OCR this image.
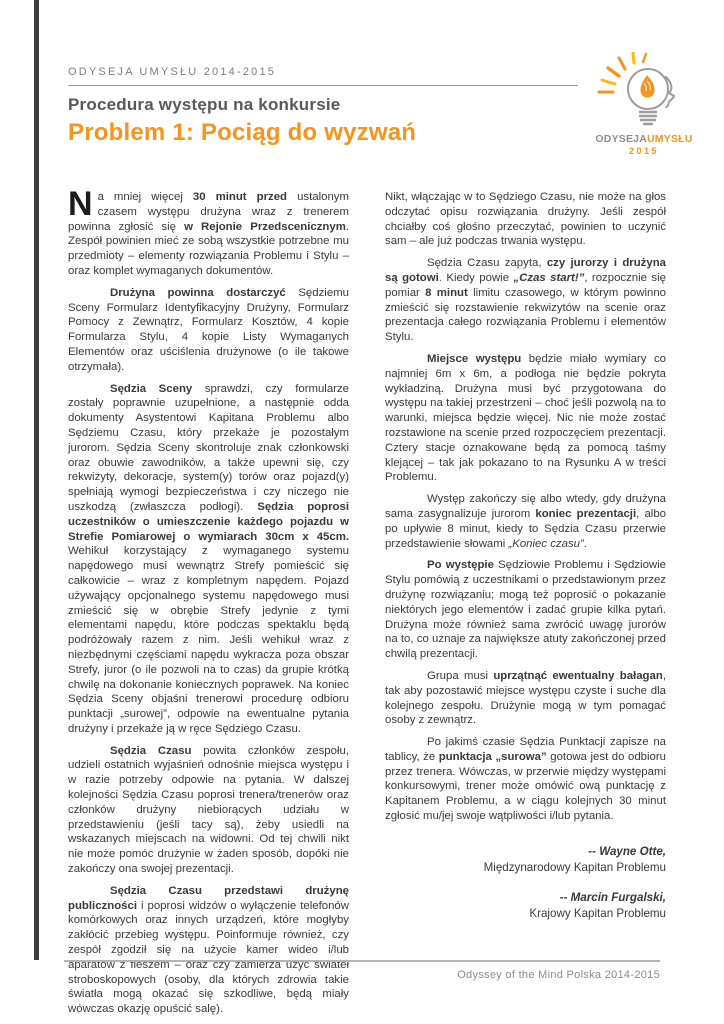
ODYSEJA UMYSŁU 2014-2015
Procedura występu na konkursie
Problem 1: Pociąg do wyzwań	ODYSEJAUMYSŁU
2015

Na mniej więcej 30 minut przed ustalonym czasem występu drużyna wraz z trenerem powinna zgłosić się w Rejonie Przedscenicznym. Zespół powinien mieć ze sobą wszystkie potrzebne mu przedmioty – elementy rozwiązania Problemu i Stylu – oraz komplet wymaganych dokumentów.

Drużyna powinna dostarczyć Sędziemu Sceny Formularz Identyfikacyjny Drużyny, Formularz Pomocy z Zewnątrz, Formularz Kosztów, 4 kopie Formularza Stylu, 4 kopie Listy Wymaganych Elementów oraz uściślenia drużynowe (o ile takowe otrzymała).

Sędzia Sceny sprawdzi, czy formularze zostały poprawnie uzupełnione, a następnie odda dokumenty Asystentowi Kapitana Problemu albo Sędziemu Czasu, który przekaże je pozostałym jurorom. Sędzia Sceny skontroluje znak członkowski oraz obuwie zawodników, a także upewni się, czy rekwizyty, dekoracje, system(y) torów oraz pojazd(y) spełniają wymogi bezpieczeństwa i czy niczego nie uszkodzą (zwłaszcza podłogi). Sędzia poprosi uczestników o umieszczenie każdego pojazdu w Strefie Pomiarowej o wymiarach 30cm x 45cm. Wehikuł korzystający z wymaganego systemu napędowego musi wewnątrz Strefy pomieścić się całkowicie – wraz z kompletnym napędem. Pojazd używający opcjonalnego systemu napędowego musi zmieścić się w obrębie Strefy jedynie z tymi elementami napędu, które podczas spektaklu będą podróżowały razem z nim. Jeśli wehikuł wraz z niezbędnymi częściami napędu wykracza poza obszar Strefy, juror (o ile pozwoli na to czas) da grupie krótką chwilę na dokonanie koniecznych poprawek. Na koniec Sędzia Sceny objaśni trenerowi procedurę odbioru punktacji „surowej”, odpowie na ewentualne pytania drużyny i przekaże ją w ręce Sędziego Czasu.

Sędzia Czasu powita członków zespołu, udzieli ostatnich wyjaśnień odnośnie miejsca występu i w razie potrzeby odpowie na pytania. W dalszej kolejności Sędzia Czasu poprosi trenera/trenerów oraz członków drużyny niebiorących udziału w przedstawieniu (jeśli tacy są), żeby usiedli na wskazanych miejscach na widowni. Od tej chwili nikt nie może pomóc drużynie w żaden sposób, dopóki nie zakończy ona swojej prezentacji.

Sędzia Czasu przedstawi drużynę publiczności i poprosi widzów o wyłączenie telefonów komórkowych oraz innych urządzeń, które mogłyby zakłócić przebieg występu. Poinformuje również, czy zespół zgodził się na użycie kamer wideo i/lub aparatów z fleszem – oraz czy zamierza użyć świateł stroboskopowych (osoby, dla których zdrowia takie światła mogą okazać się szkodliwe, będą miały wówczas okazję opuścić salę).

Nikt, włączając w to Sędziego Czasu, nie może na głos odczytać opisu rozwiązania drużyny. Jeśli zespół chciałby coś głośno przeczytać, powinien to uczynić sam – ale już podczas trwania występu.

Sędzia Czasu zapyta, czy jurorzy i drużyna są gotowi. Kiedy powie „Czas start!”, rozpocznie się pomiar 8 minut limitu czasowego, w którym powinno zmieścić się rozstawienie rekwizytów na scenie oraz prezentacja całego rozwiązania Problemu i elementów Stylu.

Miejsce występu będzie miało wymiary co najmniej 6m x 6m, a podłoga nie będzie pokryta wykładziną. Drużyna musi być przygotowana do występu na takiej przestrzeni – choć jeśli pozwolą na to warunki, miejsca będzie więcej. Nic nie może zostać rozstawione na scenie przed rozpoczęciem prezentacji. Cztery stacje oznakowane będą za pomocą taśmy klejącej – tak jak pokazano to na Rysunku A w treści Problemu.

Występ zakończy się albo wtedy, gdy drużyna sama zasygnalizuje jurorom koniec prezentacji, albo po upływie 8 minut, kiedy to Sędzia Czasu przerwie przedstawienie słowami „Koniec czasu”.

Po występie Sędziowie Problemu i Sędziowie Stylu pomówią z uczestnikami o przedstawionym przez drużynę rozwiązaniu; mogą też poprosić o pokazanie niektórych jego elementów i zadać grupie kilka pytań. Drużyna może również sama zwrócić uwagę jurorów na to, co uznaje za największe atuty zakończonej przed chwilą prezentacji.

Grupa musi uprzątnąć ewentualny bałagan, tak aby pozostawić miejsce występu czyste i suche dla kolejnego zespołu. Drużynie mogą w tym pomagać osoby z zewnątrz.

Po jakimś czasie Sędzia Punktacji zapisze na tablicy, że punktacja „surowa” gotowa jest do odbioru przez trenera. Wówczas, w przerwie między występami konkursowymi, trener może omówić ową punktację z Kapitanem Problemu, a w ciągu kolejnych 30 minut zgłosić mu/jej swoje wątpliwości i/lub pytania.

-- Wayne Otte,
Międzynarodowy Kapitan Problemu
-- Marcin Furgalski,
Krajowy Kapitan Problemu
Odyssey of the Mind Polska 2014-2015
